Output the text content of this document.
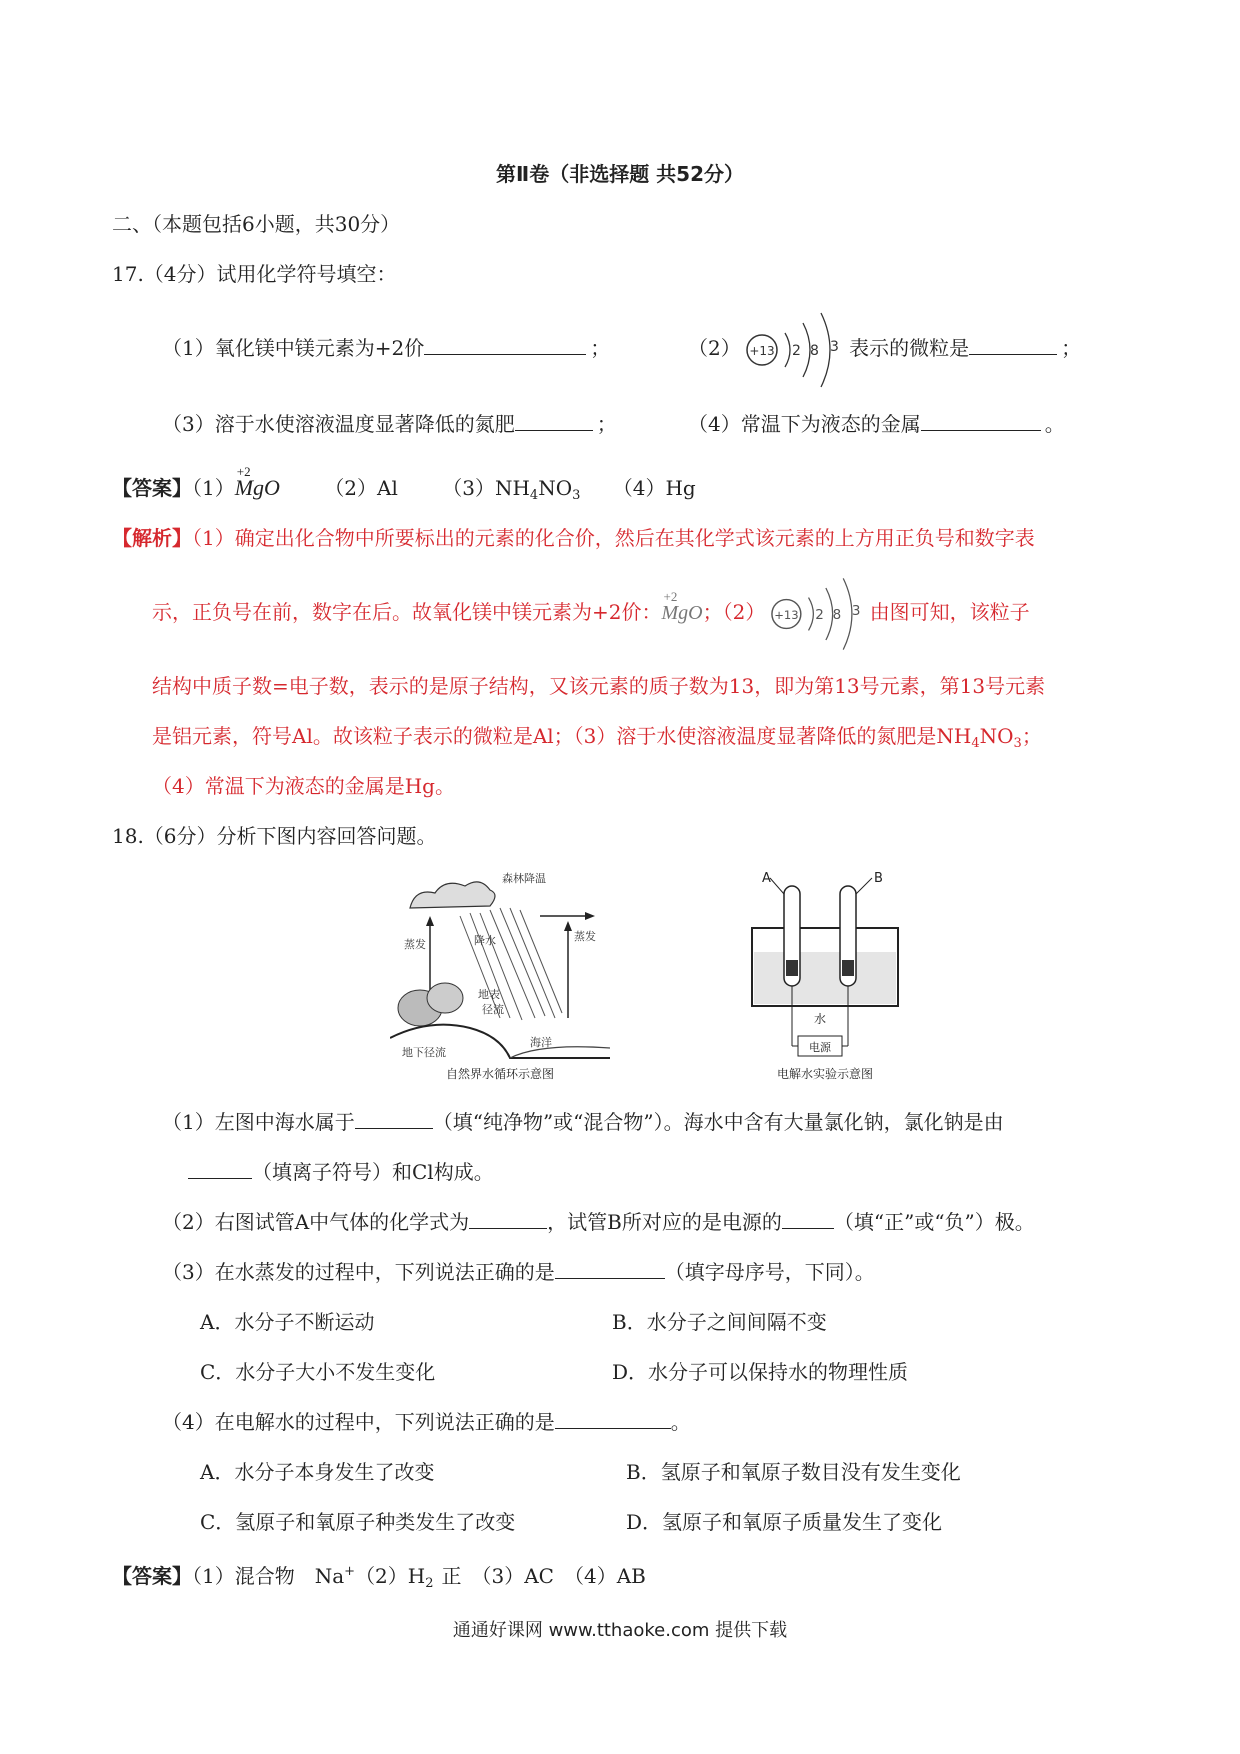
第Ⅱ卷（非选择题 共52分）
二、（本题包括6小题，共30分）
17.（4分）试用化学符号填空：
（1）氧化镁中镁元素为+2价	；	（2） +13 2 8 3 表示的微粒是	；
（3）溶于水使溶液温度显著降低的氮肥	；	（4）常温下为液态的金属	。
【答案】（1）
+2
MgO （2）Al $(3)NH_4NO_3$ （4）Hg
【解析】（1）确定出化合物中所要标出的元素的化合价，然后在其化学式该元素的上方用正负号和数字表
示，正负号在前，数字在后。故氧化镁中镁元素为+2价：
+2
MgO；（2） +13 2 8 3 由图可知，该粒子
结构中质子数=电子数，表示的是原子结构，又该元素的质子数为13，即为第13号元素，第13号元素
是铝元素，符号Al。故该粒子表示的微粒是Al；（3）溶于水使溶液温度显著降低的氮肥是$NH_4NO_3$；
（4）常温下为液态的金属是Hg。
18.（6分）分析下图内容回答问题。
森林降温
蒸发	降水	蒸发
地表
径流
地下径流
海洋
自然界水循环示意图
A	B
水
电源
电解水实验示意图
（1）左图中海水属于	（填“纯净物”或“混合物”）。海水中含有大量氯化钠，氯化钠是由
（填离子符号）和Cl构成。
（2）右图试管A中气体的化学式为	，试管B所对应的是电源的	（填“正”或“负”）极。
（3）在水蒸发的过程中，下列说法正确的是	（填字母序号，下同）。
A．水分子不断运动	B．水分子之间间隔不变
C．水分子大小不发生变化	D．水分子可以保持水的物理性质
（4）在电解水的过程中，下列说法正确的是	。
A．水分子本身发生了改变	B．氢原子和氧原子数目没有发生变化
C．氢原子和氧原子种类发生了改变	D．氢原子和氧原子质量发生了变化
【答案】（1）混合物　$Na^+(2)H_2$ 正　（3）AC　（4）AB
通通好课网 www.tthaoke.com 提供下载
